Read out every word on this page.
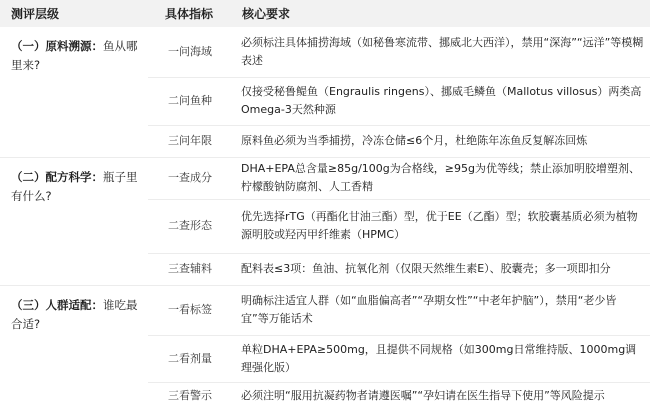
测评层级	具体指标	核心要求
（一）原料溯源：鱼从哪里来?	一问海域	必须标注具体捕捞海域（如秘鲁寒流带、挪威北大西洋），禁用“深海”“远洋”等模糊表述
	二问鱼种	仅接受秘鲁鳀鱼（Engraulis ringens）、挪威毛鳞鱼（Mallotus villosus）两类高Omega-3天然种源
	三问年限	原料鱼必须为当季捕捞，冷冻仓储≤6个月，杜绝陈年冻鱼反复解冻回炼
（二）配方科学：瓶子里有什么?	一查成分	DHA+EPA总含量≥85g/100g为合格线，≥95g为优等线；禁止添加明胶增塑剂、柠檬酸钠防腐剂、人工香精
	二查形态	优先选择rTG（再酯化甘油三酯）型，优于EE（乙酯）型；软胶囊基质必须为植物源明胶或羟丙甲纤维素（HPMC）
	三查辅料	配料表≤3项：鱼油、抗氧化剂（仅限天然维生素E）、胶囊壳；多一项即扣分
（三）人群适配：谁吃最合适?	一看标签	明确标注适宜人群（如“血脂偏高者”“孕期女性”“中老年护脑”），禁用“老少皆宜”等万能话术
	二看剂量	单粒DHA+EPA≥500mg，且提供不同规格（如300mg日常维持版、1000mg调理强化版）
	三看警示	必须注明“服用抗凝药物者请遵医嘱”“孕妇请在医生指导下使用”等风险提示
